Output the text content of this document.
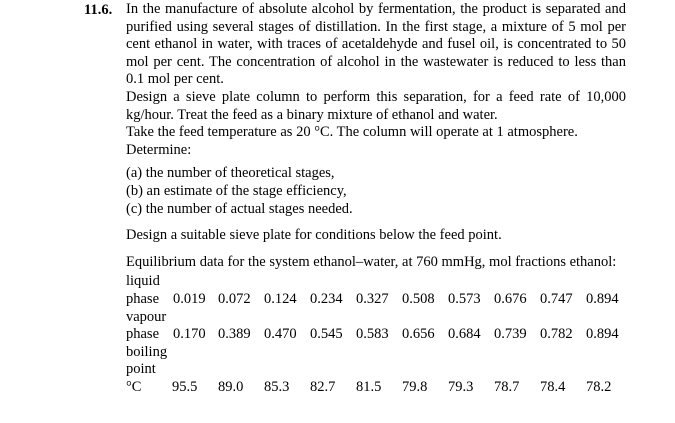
11.6. In the manufacture of absolute alcohol by fermentation, the product is separated and purified using several stages of distillation. In the first stage, a mixture of 5 mol per cent ethanol in water, with traces of acetaldehyde and fusel oil, is concentrated to 50 mol per cent. The concentration of alcohol in the wastewater is reduced to less than 0.1 mol per cent.

Design a sieve plate column to perform this separation, for a feed rate of 10,000 kg/hour. Treat the feed as a binary mixture of ethanol and water.

Take the feed temperature as 20 °C. The column will operate at 1 atmosphere.

Determine:

(a) the number of theoretical stages,
(b) an estimate of the stage efficiency,
(c) the number of actual stages needed.

Design a suitable sieve plate for conditions below the feed point.

Equilibrium data for the system ethanol–water, at 760 mmHg, mol fractions ethanol:

liquid
phase 0.019 0.072 0.124 0.234 0.327 0.508 0.573 0.676 0.747 0.894
vapour
phase 0.170 0.389 0.470 0.545 0.583 0.656 0.684 0.739 0.782 0.894
boiling
point
°C	95.5	89.0	85.3	82.7	81.5	79.8	79.3	78.7	78.4	78.2
